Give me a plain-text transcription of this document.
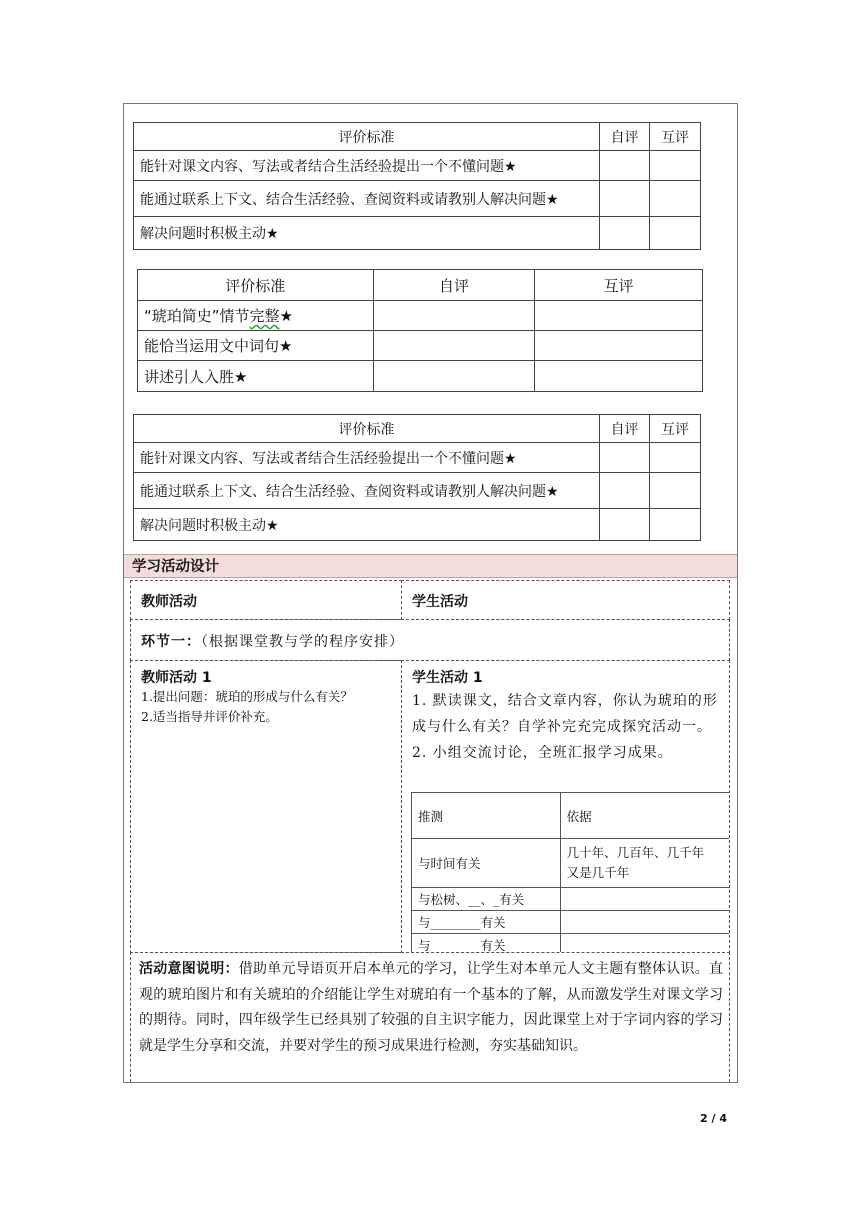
评价标准	自评	互评
能针对课文内容、写法或者结合生活经验提出一个不懂问题★		
能通过联系上下文、结合生活经验、查阅资料或请教别人解决问题★		
解决问题时积极主动★		
评价标准	自评	互评
“琥珀简史”情节完整★		
能恰当运用文中词句★		
讲述引人入胜★		
评价标准	自评	互评
能针对课文内容、写法或者结合生活经验提出一个不懂问题★		
能通过联系上下文、结合生活经验、查阅资料或请教别人解决问题★		
解决问题时积极主动★		
学习活动设计
教师活动	学生活动
环节一：（根据课堂教与学的程序安排）
教师活动 1
1.提出问题：琥珀的形成与什么有关？
2.适当指导并评价补充。
学生活动 1
1. 默读课文，结合文章内容，你认为琥珀的形成与什么有关？自学补完充完成探究活动一。
2. 小组交流讨论，全班汇报学习成果。
推测	依据
与时间有关	几十年、几百年、几千年
又是几千年

与松树、__、_有关	
与________有关	
与________有关	
活动意图说明：借助单元导语页开启本单元的学习，让学生对本单元人文主题有整体认识。直观的琥珀图片和有关琥珀的介绍能让学生对琥珀有一个基本的了解，从而激发学生对课文学习的期待。同时，四年级学生已经具别了较强的自主识字能力，因此课堂上对于字词内容的学习就是学生分享和交流，并要对学生的预习成果进行检测，夯实基础知识。
2 / 4
